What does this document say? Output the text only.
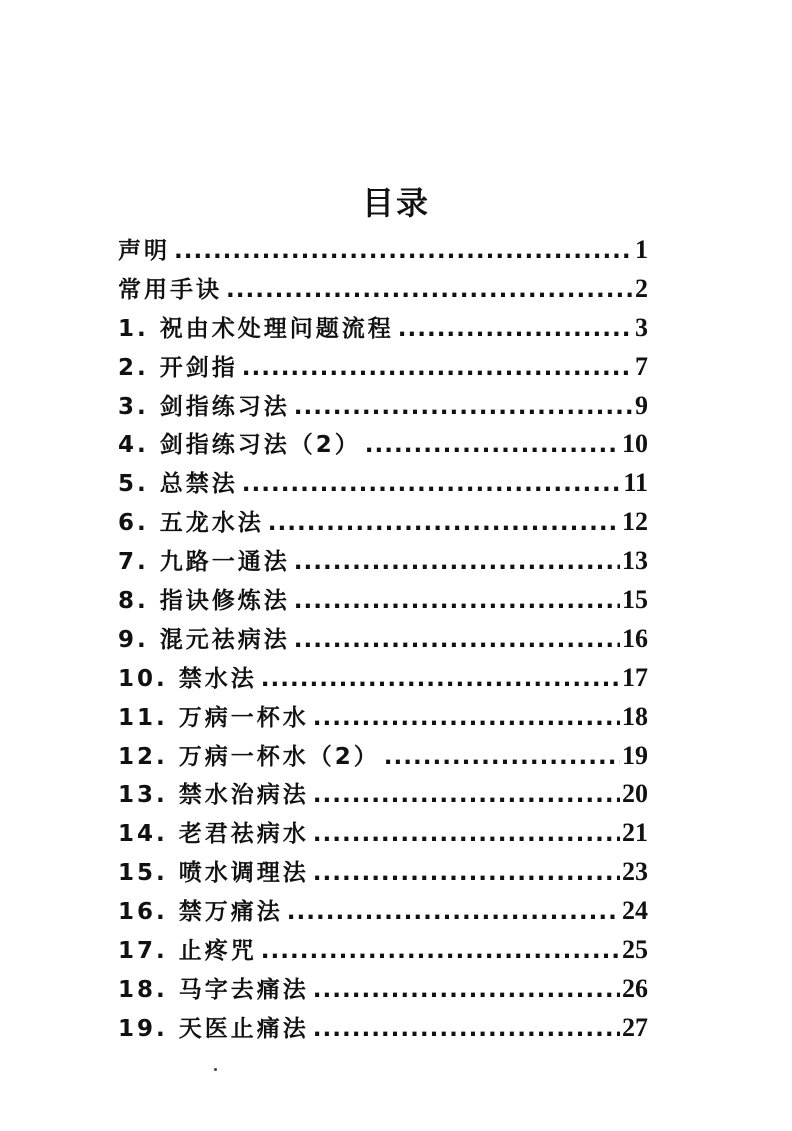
目录
声明 .....	1
常用手诀 .....	2
1. 祝由术处理问题流程 .....	3
2. 开剑指 .....	7
3. 剑指练习法 .....	9
4. 剑指练习法（2） .....	10
5. 总禁法 .....	11
6. 五龙水法 .....	12
7. 九路一通法 .....	13
8. 指诀修炼法 .....	15
9. 混元祛病法 .....	16
10. 禁水法 .....	17
11. 万病一杯水 .....	18
12. 万病一杯水（2） .....	19
13. 禁水治病法 .....	20
14. 老君祛病水 .....	21
15. 喷水调理法 .....	23
16. 禁万痛法 .....	24
17. 止疼咒 .....	25
18. 马字去痛法 .....	26
19. 天医止痛法 .....	27
